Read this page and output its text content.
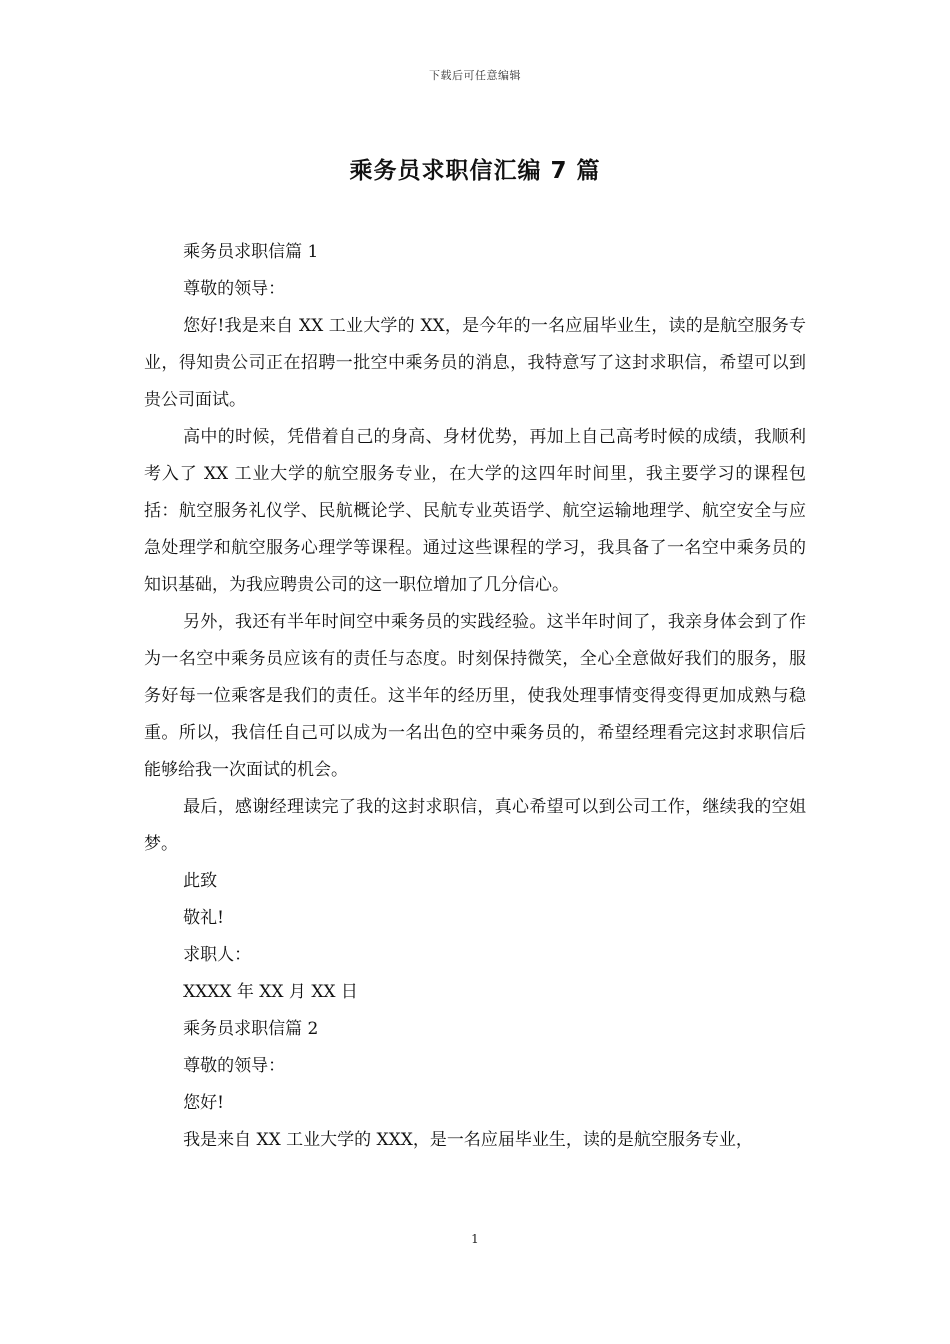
下载后可任意编辑
乘务员求职信汇编 7 篇

乘务员求职信篇 1

尊敬的领导：

您好!我是来自 XX 工业大学的 XX，是今年的一名应届毕业生，读的是航空服务专业，得知贵公司正在招聘一批空中乘务员的消息，我特意写了这封求职信，希望可以到贵公司面试。

高中的时候，凭借着自己的身高、身材优势，再加上自己高考时候的成绩，我顺利考入了 XX 工业大学的航空服务专业，在大学的这四年时间里，我主要学习的课程包括：航空服务礼仪学、民航概论学、民航专业英语学、航空运输地理学、航空安全与应急处理学和航空服务心理学等课程。通过这些课程的学习，我具备了一名空中乘务员的知识基础，为我应聘贵公司的这一职位增加了几分信心。

另外，我还有半年时间空中乘务员的实践经验。这半年时间了，我亲身体会到了作为一名空中乘务员应该有的责任与态度。时刻保持微笑，全心全意做好我们的服务，服务好每一位乘客是我们的责任。这半年的经历里，使我处理事情变得变得更加成熟与稳重。所以，我信任自己可以成为一名出色的空中乘务员的，希望经理看完这封求职信后能够给我一次面试的机会。

最后，感谢经理读完了我的这封求职信，真心希望可以到公司工作，继续我的空姐梦。

此致

敬礼!

求职人：

XXXX 年 XX 月 XX 日

乘务员求职信篇 2

尊敬的领导：

您好!

我是来自 XX 工业大学的 XXX，是一名应届毕业生，读的是航空服务专业，

1
